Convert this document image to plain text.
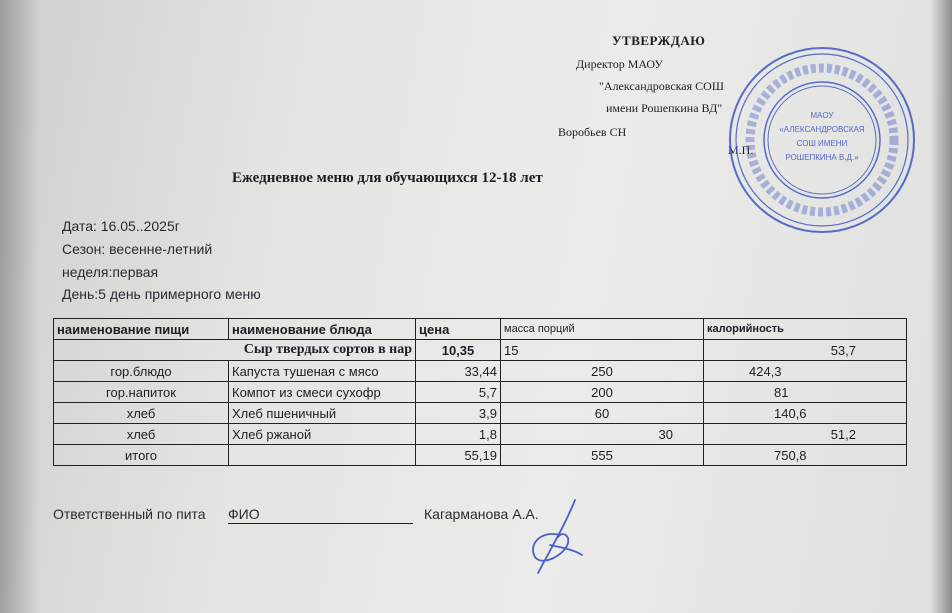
УТВЕРЖДАЮ
Директор МАОУ
"Александровская СОШ
имени Рошепкина ВД"
Воробьев СН
М.П.
МАОУ
«АЛЕКСАНДРОВСКАЯ
СОШ ИМЕНИ
РОШЕПКИНА В.Д.»
Ежедневное меню для обучающихся 12-18 лет
Дата: 16.05..2025г
Сезон: весенне-летний
неделя:первая
День:5 день примерного меню
наименование пищи	наименование блюда	цена	масса порций	калорийность
Сыр твердых сортов в нар		10,35	15	53,7
гор.блюдо	Капуста тушеная с мясо	33,44	250	424,3
гор.напиток	Компот из смеси сухофр	5,7	200	81
хлеб	Хлеб пшеничный	3,9	60	140,6
хлеб	Хлеб ржаной	1,8	30	51,2
итого		55,19	555	750,8
Ответственный по пита ФИО	Кагарманова А.А.
